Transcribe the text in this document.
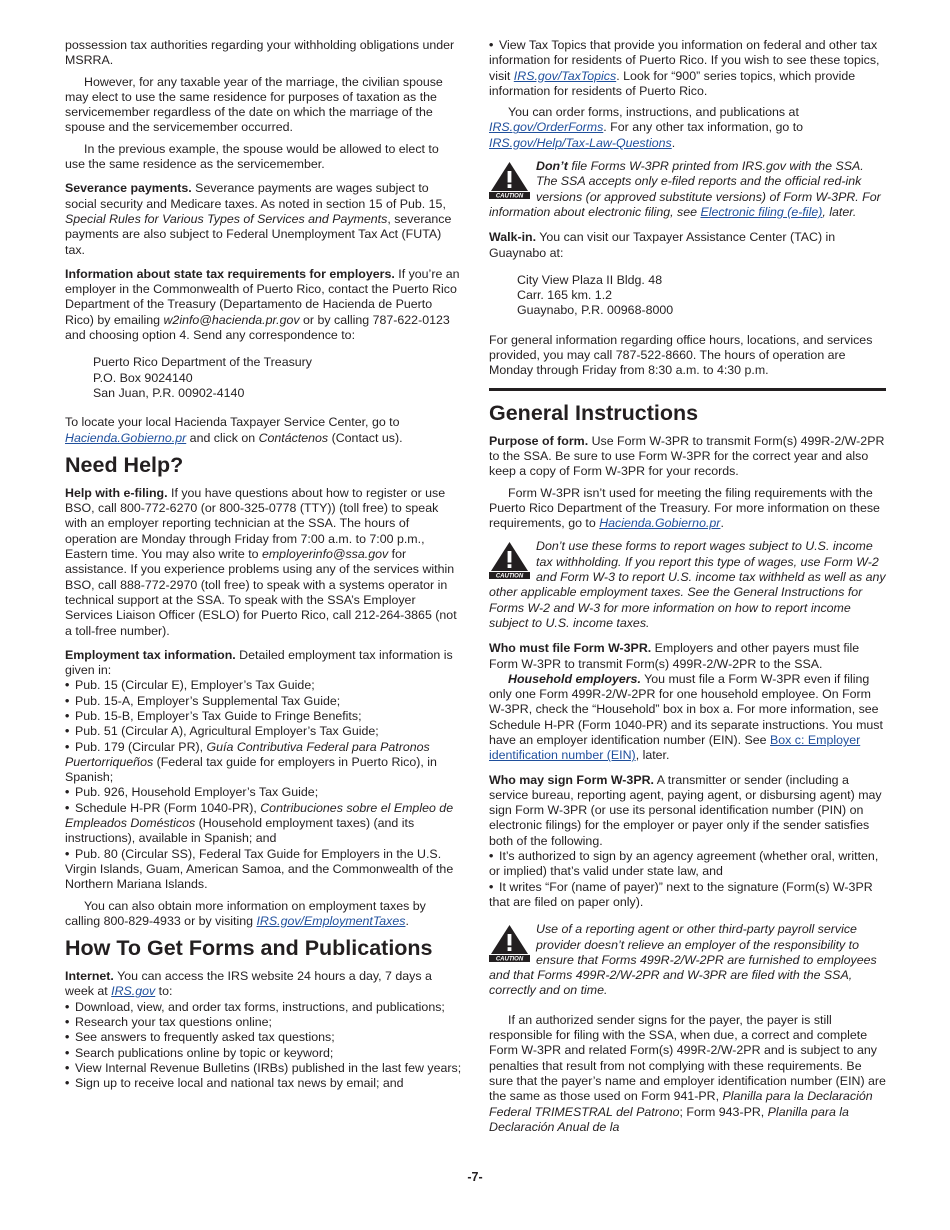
possession tax authorities regarding your withholding obligations under MSRRA.

However, for any taxable year of the marriage, the civilian spouse may elect to use the same residence for purposes of taxation as the servicemember regardless of the date on which the marriage of the spouse and the servicemember occurred.

In the previous example, the spouse would be allowed to elect to use the same residence as the servicemember.

Severance payments. Severance payments are wages subject to social security and Medicare taxes. As noted in section 15 of Pub. 15, Special Rules for Various Types of Services and Payments, severance payments are also subject to Federal Unemployment Tax Act (FUTA) tax.

Information about state tax requirements for employers. If you’re an employer in the Commonwealth of Puerto Rico, contact the Puerto Rico Department of the Treasury (Departamento de Hacienda de Puerto Rico) by emailing w2info@hacienda.pr.gov or by calling 787-622-0123 and choosing option 4. Send any correspondence to:

Puerto Rico Department of the Treasury
P.O. Box 9024140
San Juan, P.R. 00902-4140

To locate your local Hacienda Taxpayer Service Center, go to Hacienda.Gobierno.pr and click on Contáctenos (Contact us).

Need Help?

Help with e-filing. If you have questions about how to register or use BSO, call 800-772-6270 (or 800-325-0778 (TTY)) (toll free) to speak with an employer reporting technician at the SSA. The hours of operation are Monday through Friday from 7:00 a.m. to 7:00 p.m., Eastern time. You may also write to employerinfo@ssa.gov for assistance. If you experience problems using any of the services within BSO, call 888-772-2970 (toll free) to speak with a systems operator in technical support at the SSA. To speak with the SSA’s Employer Services Liaison Officer (ESLO) for Puerto Rico, call 212-264-3865 (not a toll-free number).

Employment tax information. Detailed employment tax information is given in:

• Pub. 15 (Circular E), Employer’s Tax Guide;
• Pub. 15-A, Employer’s Supplemental Tax Guide;
• Pub. 15-B, Employer’s Tax Guide to Fringe Benefits;
• Pub. 51 (Circular A), Agricultural Employer’s Tax Guide;
• Pub. 179 (Circular PR), Guía Contributiva Federal para Patronos Puertorriqueños (Federal tax guide for employers in Puerto Rico), in Spanish;
• Pub. 926, Household Employer’s Tax Guide;
• Schedule H-PR (Form 1040-PR), Contribuciones sobre el Empleo de Empleados Domésticos (Household employment taxes) (and its instructions), available in Spanish; and
• Pub. 80 (Circular SS), Federal Tax Guide for Employers in the U.S. Virgin Islands, Guam, American Samoa, and the Commonwealth of the Northern Mariana Islands.

You can also obtain more information on employment taxes by calling 800-829-4933 or by visiting IRS.gov/EmploymentTaxes.

How To Get Forms and Publications

Internet. You can access the IRS website 24 hours a day, 7 days a week at IRS.gov to:

• Download, view, and order tax forms, instructions, and publications;
• Research your tax questions online;
• See answers to frequently asked tax questions;
• Search publications online by topic or keyword;
• View Internal Revenue Bulletins (IRBs) published in the last few years;
• Sign up to receive local and national tax news by email; and
• View Tax Topics that provide you information on federal and other tax information for residents of Puerto Rico. If you wish to see these topics, visit IRS.gov/TaxTopics. Look for “900” series topics, which provide information for residents of Puerto Rico.

You can order forms, instructions, and publications at IRS.gov/OrderForms. For any other tax information, go to IRS.gov/Help/Tax-Law-Questions.

CAUTION
Don’t file Forms W-3PR printed from IRS.gov with the SSA. The SSA accepts only e-filed reports and the official red-ink versions (or approved substitute versions) of Form W-3PR. For information about electronic filing, see Electronic filing (e-file), later.

Walk-in. You can visit our Taxpayer Assistance Center (TAC) in Guaynabo at:

City View Plaza II Bldg. 48
Carr. 165 km. 1.2
Guaynabo, P.R. 00968-8000

For general information regarding office hours, locations, and services provided, you may call 787-522-8660. The hours of operation are Monday through Friday from 8:30 a.m. to 4:30 p.m.

General Instructions

Purpose of form. Use Form W-3PR to transmit Form(s) 499R-2/W-2PR to the SSA. Be sure to use Form W-3PR for the correct year and also keep a copy of Form W-3PR for your records.

Form W-3PR isn’t used for meeting the filing requirements with the Puerto Rico Department of the Treasury. For more information on these requirements, go to Hacienda.Gobierno.pr.

CAUTION
Don’t use these forms to report wages subject to U.S. income tax withholding. If you report this type of wages, use Form W-2 and Form W-3 to report U.S. income tax withheld as well as any other applicable employment taxes. See the General Instructions for Forms W-2 and W-3 for more information on how to report income subject to U.S. income taxes.

Who must file Form W-3PR. Employers and other payers must file Form W-3PR to transmit Form(s) 499R-2/W-2PR to the SSA.

Household employers. You must file a Form W-3PR even if filing only one Form 499R-2/W-2PR for one household employee. On Form W-3PR, check the “Household” box in box a. For more information, see Schedule H-PR (Form 1040-PR) and its separate instructions. You must have an employer identification number (EIN). See Box c: Employer identification number (EIN), later.

Who may sign Form W-3PR. A transmitter or sender (including a service bureau, reporting agent, paying agent, or disbursing agent) may sign Form W-3PR (or use its personal identification number (PIN) on electronic filings) for the employer or payer only if the sender satisfies both of the following.

• It’s authorized to sign by an agency agreement (whether oral, written, or implied) that’s valid under state law, and
• It writes “For (name of payer)” next to the signature (Form(s) W-3PR that are filed on paper only).
CAUTION
Use of a reporting agent or other third-party payroll service provider doesn’t relieve an employer of the responsibility to ensure that Forms 499R-2/W-2PR are furnished to employees and that Forms 499R-2/W-2PR and W-3PR are filed with the SSA, correctly and on time.

If an authorized sender signs for the payer, the payer is still responsible for filing with the SSA, when due, a correct and complete Form W-3PR and related Form(s) 499R-2/W-2PR and is subject to any penalties that result from not complying with these requirements. Be sure that the payer’s name and employer identification number (EIN) are the same as those used on Form 941-PR, Planilla para la Declaración Federal TRIMESTRAL del Patrono; Form 943-PR, Planilla para la Declaración Anual de la

-7-
